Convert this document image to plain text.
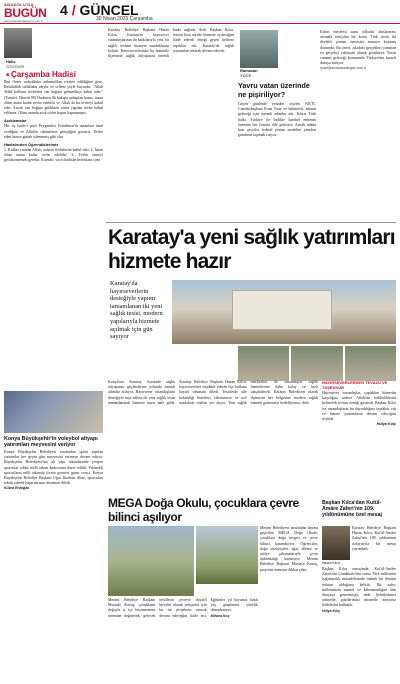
ANADOLU'DA
BUGÜN
www.anadoludabugun.com.tr
4 / GÜNCEL
30 Nisan 2025 Çarşamba
Halis
ÖZDEMİR
■ Çarşamba Hadisi

İbni Ömer radıyallahu anhümâ'dan rivayet edildiğine göre, Resûlullah sallallahu aleyhi ve sellem şöyle buyurdu: "Allah Teâlâ kulların tövbesini can boğaza gelmedikçe kabul eder." (Tirmizî, Deavât 98) Hadisten ilk bakışta anlaşılan husus, insan ölüm anına kadar tövbe edebilir ve Allah da bu tövbeyi kabul eder. Ancak can boğaza geldikten sonra yapılan tövbe kabul edilmez. Ölüm anında artık tövbe kapısı kapanmıştır.

Açıklamalar

Her üç hadis-i şerif Peygamber Efendimiz'in insanlara ümit verdiğini ve Allah'ın rahmetinin genişliğini gösterir. Tövbe eden kimse günah işlememiş gibi olur.

Hadislerden Öğrendiklerimiz

1. Kulları yaratan Allah, onların tövbelerini kabul eder. 2. İnsan ölüm anına kadar tövbe edebilir. 3. Tövbe etmeyi geciktirmemek gerekir. Kaynak: www.hadislerlerleislam.com

Konya Büyükşehir'in voleybol altyapı yatırımları meyvesini veriyor

Konya Büyükşehir Belediyesi tarafından spora yapılan yatırımlar her geçen gün meyvesini vermeye devam ediyor. Büyükşehir Belediyesi'nin alt yapı takımlarında yetişen sporcular yıldız millî takım kadrosuna davet edildi. Yetenekli sporcuların milli takımda forma giymesi gurur verici. Konya Büyükşehir Belediye Başkanı Uğur İbrahim Altay, sporcuları tebrik ederek başarılarının devamını diledi.

Kübra Erdoğan

Karatay Belediye Başkanı Hasan Kılca, Karatay'ın hayırsever vatandaşlarının da katkılarıyla yeni bir sağlık tesisini hizmete sunduklarını belirtti. Hayırseverlerimiz bu hizmetle ilçemizin sağlık altyapısına önemli katkı sağladı, dedi. Başkan Kılca, tesisin kısa sürede hizmete açılacağını ifade ederek emeği geçen herkese teşekkür etti. Karatay'da sağlık yatırımları artarak devam edecek.

Ramazan
YÜCE
Yavru vatan üzerinde ne pişiriliyor?

Geçen günlerde yeniden seçilen KKTC Cumhurbaşkanı Ersin Tatar ve hükümeti, adanın geleceği için önemli adımlar attı. Kıbrıs Türk halkı, Türkiye ile birlikte hareket etmenin önemini her fırsatta dile getiriyor. Ancak adada bazı çevreler federal çözüm modelini yeniden gündeme taşımak istiyor.

Kıbrıs meselesi uzun yıllardır uluslararası arenada tartışılan bir konu. Türk tarafı iki devletli çözüm önerisini masaya koymuş durumda. Bu öneri, adadaki gerçekleri yansıtan en gerçekçi yaklaşım olarak görülüyor. Yavru vatanın geleceği konusunda Türkiye'nin kararlı duruşu sürüyor.

ryuce@anadoludabugun.com.tr

Karatay'a yeni sağlık yatırımları hizmete hazır
Karatay'da hayırseverlerin desteğiyle yapımı tamamlanan iki yeni sağlık tesisi, modern yapılarıyla hizmete açılmak için gün sayıyor

Konya'nın Karatay ilçesinde sağlık altyapısını güçlendirme yolunda önemli adımlar atılıyor. Hayırsever vatandaşların desteğiyle inşa edilen iki yeni sağlık tesisi tamamlanarak hizmete hazır hale geldi. Karatay Belediye Başkanı Hasan Kılca, hayırseverlere teşekkür ederek ilçe halkına hayırlı olmasını diledi. Tesislerde aile hekimliği birimleri, laboratuvar ve acil müdahale odaları yer alıyor. Yeni sağlık merkezleri ile vatandaşlar sağlık hizmetlerine daha kolay ve hızlı ulaşabilecek. Karatay Belediyesi olarak ilçemizin her bölgesine modern sağlık hizmeti götürmeyi hedefliyoruz, dedi.

HAYIRSEVERLERDEN TEVAZU VE TEŞEKKÜR

Hayırsever vatandaşlar, yaptıkları hizmetin karşılığını sadece Allah'tan beklediklerini belirterek tevazu örneği gösterdi. Başkan Kılca ise vatandaşların bu duyarlılığına teşekkür etti ve benzer yatırımların devam edeceğini söyledi.

Hülya Kılıç

MEGA Doğa Okulu, çocuklara çevre bilinci aşılıyor

Meram Belediyesi tarafından hayata geçirilen MEGA Doğa Okulu, çocuklara doğa sevgisi ve çevre bilinci kazandırıyor. Öğrenciler, doğa yürüyüşleri, ağaç dikimi ve atölye çalışmalarıyla çevre farkındalığı kazanıyor. Meram Belediye Başkanı Mustafa Kavuş, projenin önemine dikkat çekti.

Meram Belediye Başkanı Mustafa Kavuş, çocukların doğayla iç içe büyümesinin önemine değinerek, gelecek nesillerin çevreye duyarlı bireyler olarak yetişmesi için bu tür projelerin artarak devam edeceğini ifade etti. Eğitimler yıl boyunca farklı yaş gruplarına yönelik düzenleniyor.

Mihara Koç

Başkan Kılca'dan Kutül-Amâre Zaferi'nin 109. yıldönümüne özel mesaj
Hasan Kılca

Karatay Belediye Başkanı Hasan Kılca, Kut'ül-Amâre Zaferi'nin 109. yıldönümü dolayısıyla bir mesaj yayımladı.

Başkan Kılca mesajında, Kut'ül-Amâre Zaferi'nin Çanakkale'den sonra Türk milletinin bağımsızlık mücadelesinde önemli bir dönüm noktası olduğunu belirtti. Bu zafer, milletimizin azmini ve kahramanlığını tüm dünyaya göstermiştir, dedi. Şehitlerimizi rahmetle, gazilerimizi minnetle anıyoruz ifadelerini kullandı.

Hülya Kılıç
